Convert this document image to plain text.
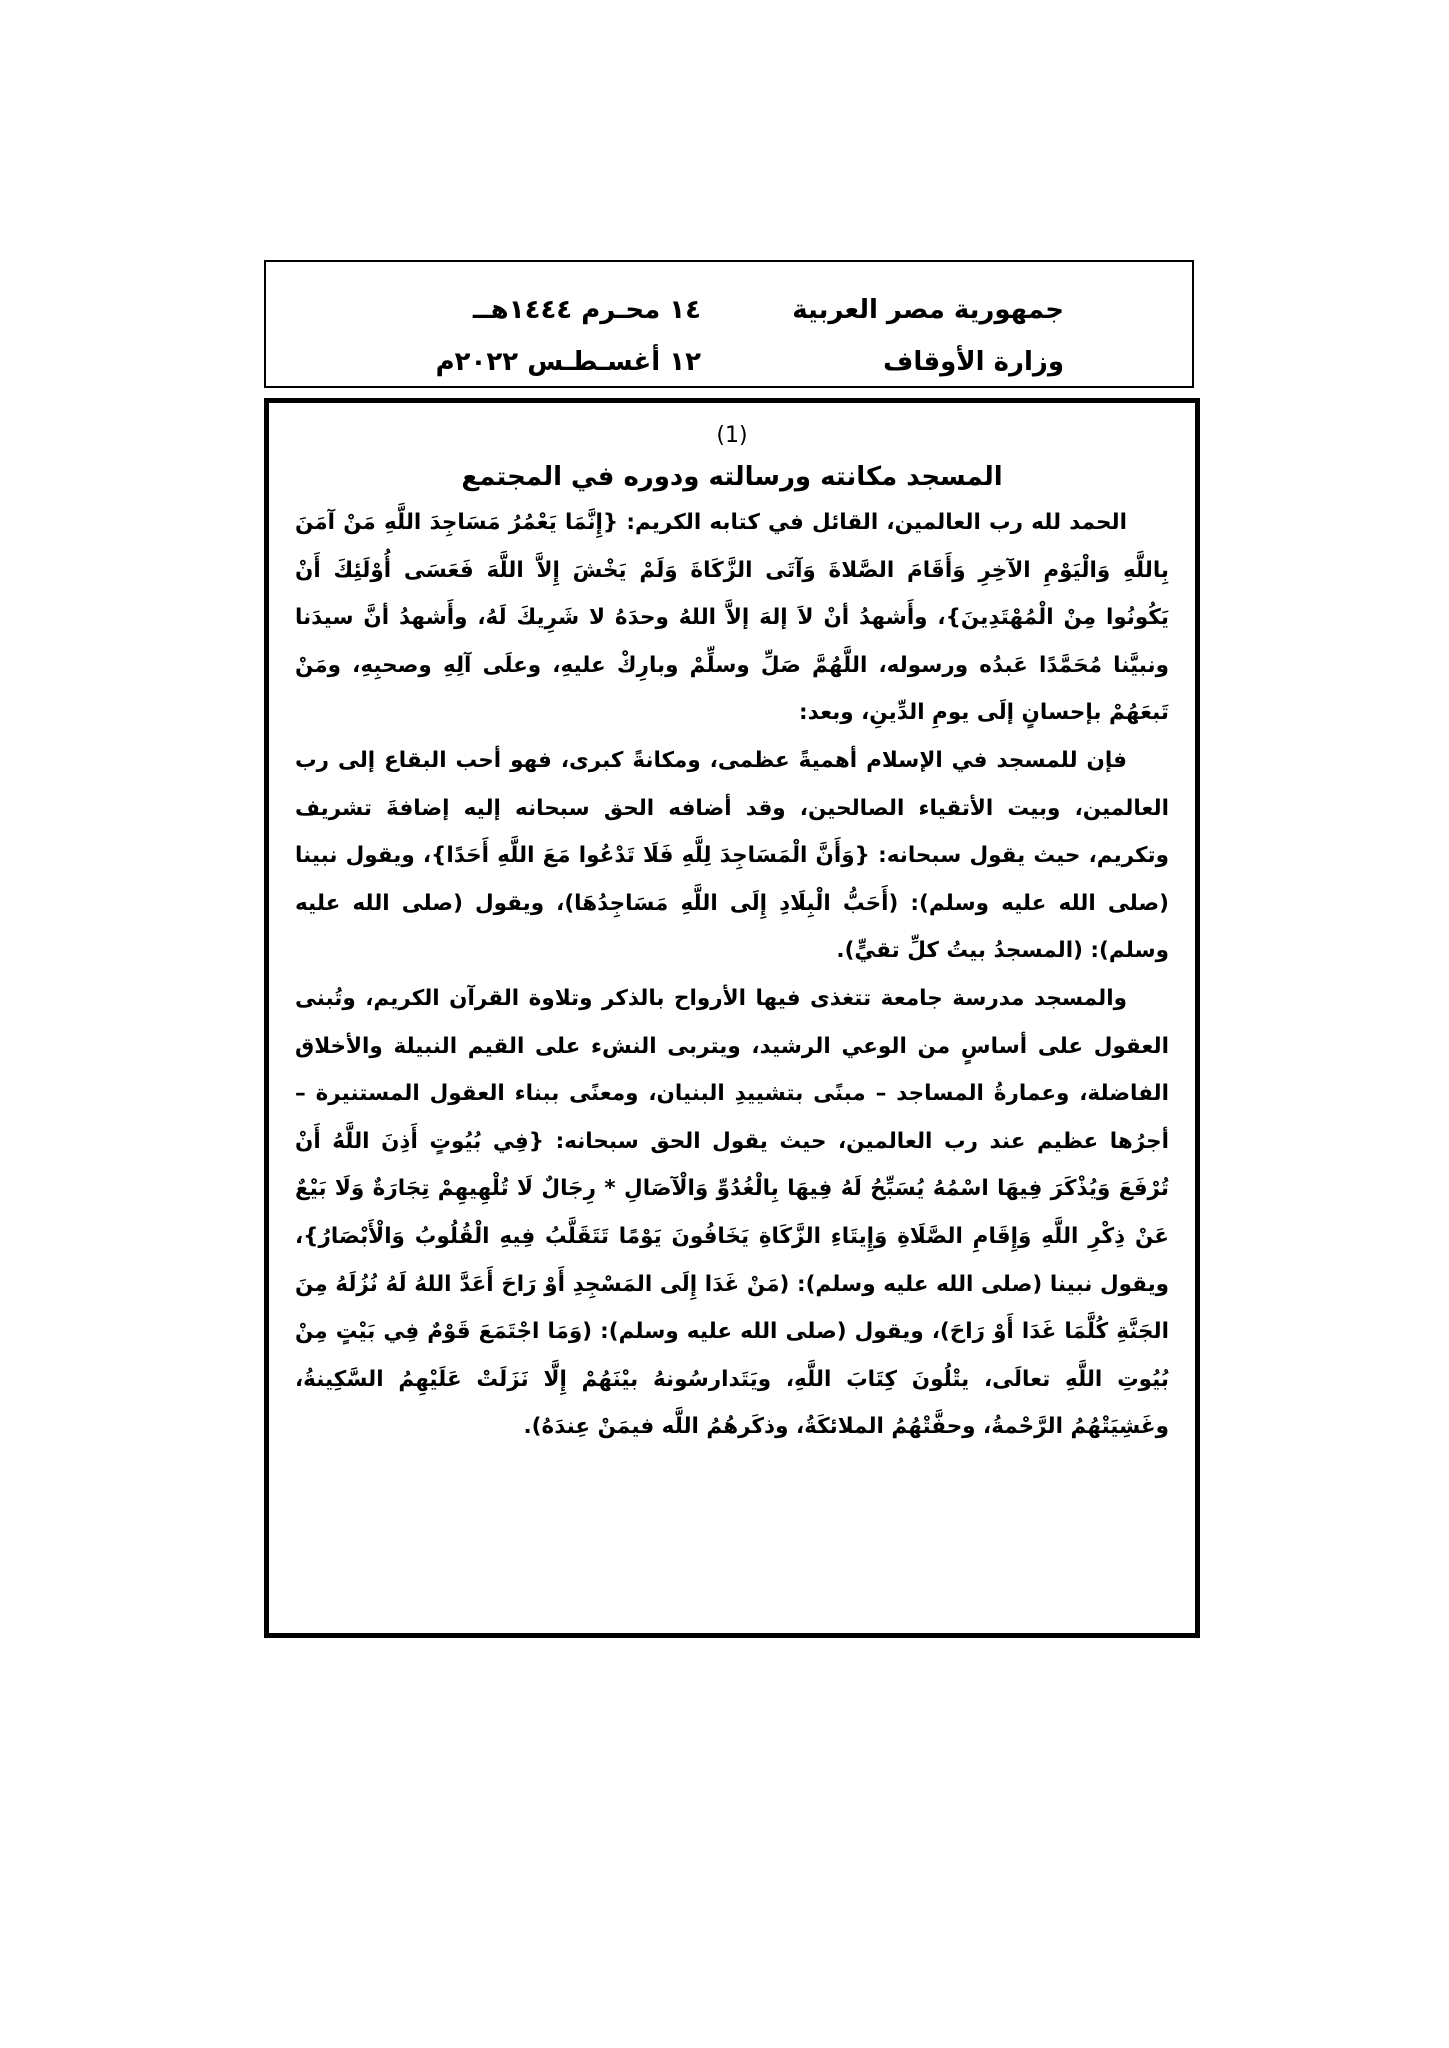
جمهورية مصر العربية
وزارة الأوقاف
١٤ محـرم ١٤٤٤هــ
١٢ أغسـطـس ٢٠٢٢م
(1)
المسجد مكانته ورسالته ودوره في المجتمع

الحمد لله رب العالمين، القائل في كتابه الكريم: {إِنَّمَا يَعْمُرُ مَسَاجِدَ اللَّهِ مَنْ آمَنَ بِاللَّهِ وَالْيَوْمِ الآخِرِ وَأَقَامَ الصَّلاةَ وَآتَى الزَّكَاةَ وَلَمْ يَخْشَ إِلاَّ اللَّهَ فَعَسَى أُوْلَئِكَ أَنْ يَكُونُوا مِنْ الْمُهْتَدِينَ}، وأَشهدُ أنْ لاَ إلهَ إلاَّ اللهُ وحدَهُ لا شَرِيكَ لَهُ، وأَشهدُ أنَّ سيدَنا ونبيَّنا مُحَمَّدًا عَبدُه ورسوله، اللَّهُمَّ صَلِّ وسلِّمْ وبارِكْ عليهِ، وعلَى آلِهِ وصحبِهِ، ومَنْ تَبعَهُمْ بإحسانٍ إلَى يومِ الدِّينِ، وبعد:

فإن للمسجد في الإسلام أهميةً عظمى، ومكانةً كبرى، فهو أحب البقاع إلى رب العالمين، وبيت الأتقياء الصالحين، وقد أضافه الحق سبحانه إليه إضافةَ تشريف وتكريم، حيث يقول سبحانه: {وَأَنَّ الْمَسَاجِدَ لِلَّهِ فَلَا تَدْعُوا مَعَ اللَّهِ أَحَدًا}، ويقول نبينا (صلى الله عليه وسلم): (أَحَبُّ الْبِلَادِ إِلَى اللَّهِ مَسَاجِدُهَا)، ويقول (صلى الله عليه وسلم): (المسجدُ بيتُ كلِّ تقيٍّ).

والمسجد مدرسة جامعة تتغذى فيها الأرواح بالذكر وتلاوة القرآن الكريم، وتُبنى العقول على أساسٍ من الوعي الرشيد، ويتربى النشء على القيم النبيلة والأخلاق الفاضلة، وعمارةُ المساجد – مبنًى بتشييدِ البنيان، ومعنًى ببناء العقول المستنيرة – أجرُها عظيم عند رب العالمين، حيث يقول الحق سبحانه: {فِي بُيُوتٍ أَذِنَ اللَّهُ أَنْ تُرْفَعَ وَيُذْكَرَ فِيهَا اسْمُهُ يُسَبِّحُ لَهُ فِيهَا بِالْغُدُوِّ وَالْآصَالِ * رِجَالٌ لَا تُلْهِيهِمْ تِجَارَةٌ وَلَا بَيْعٌ عَنْ ذِكْرِ اللَّهِ وَإِقَامِ الصَّلَاةِ وَإِيتَاءِ الزَّكَاةِ يَخَافُونَ يَوْمًا تَتَقَلَّبُ فِيهِ الْقُلُوبُ وَالْأَبْصَارُ}، ويقول نبينا (صلى الله عليه وسلم): (مَنْ غَدَا إِلَى المَسْجِدِ أَوْ رَاحَ أَعَدَّ اللهُ لَهُ نُزُلَهُ مِنَ الجَنَّةِ كُلَّمَا غَدَا أَوْ رَاحَ)، ويقول (صلى الله عليه وسلم): (وَمَا اجْتَمَعَ قَوْمٌ فِي بَيْتٍ مِنْ بُيُوتِ اللَّهِ تعالَى، يتْلُونَ كِتَابَ اللَّهِ، ويَتَدارسُونهُ بيْنَهُمْ إِلَّا نَزَلَتْ عَلَيْهِمُ السَّكِينةُ، وغَشِيَتْهُمُ الرَّحْمةُ، وحفَّتْهُمُ الملائكَةُ، وذكَرهُمُ اللَّه فيمَنْ عِندَهُ).
